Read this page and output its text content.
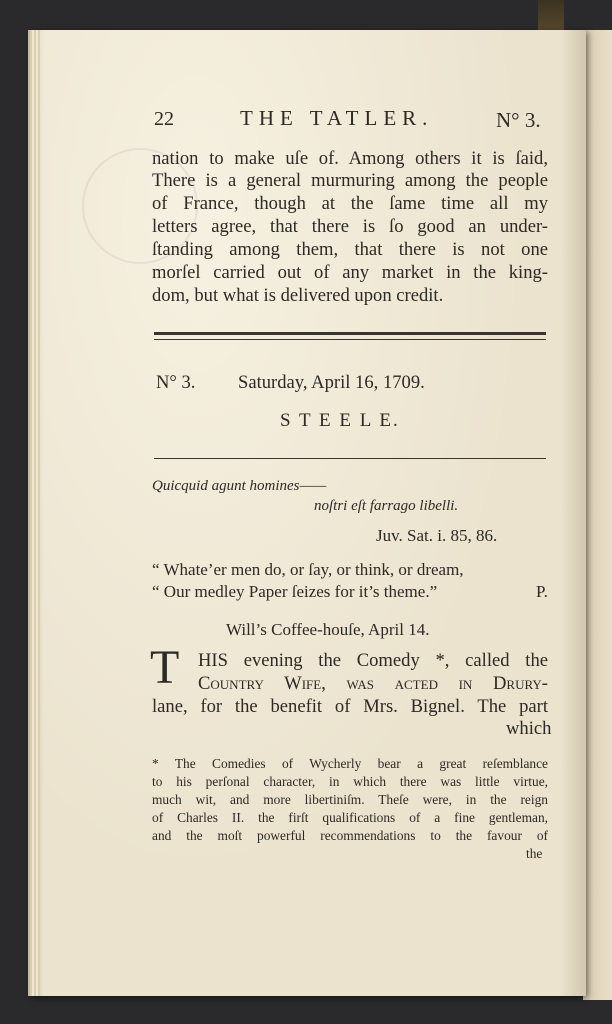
22	THE TATLER.	N° 3.
nation to make uſe of. Among others it is ſaid,
There is a general murmuring among the people
of France, though at the ſame time all my
letters agree, that there is ſo good an under-
ſtanding among them, that there is not one
morſel carried out of any market in the king-
dom, but what is delivered upon credit.
N° 3. Saturday, April 16, 1709.
S T E E L E.
Quicquid agunt homines——
noſtri eſt farrago libelli.
Juv. Sat. i. 85, 86.
“ Whate’er men do, or ſay, or think, or dream,
“ Our medley Paper ſeizes for it’s theme.”	P.
Will’s Coffee-houſe, April 14.
T HIS evening the Comedy *, called the
Country Wife, was acted in Drury-
lane, for the benefit of Mrs. Bignel. The part
which
* The Comedies of Wycherly bear a great reſemblance
to his perſonal character, in which there was little virtue,
much wit, and more libertiniſm. Theſe were, in the reign
of Charles II. the firſt qualifications of a fine gentleman,
and the moſt powerful recommendations to the favour of
the
